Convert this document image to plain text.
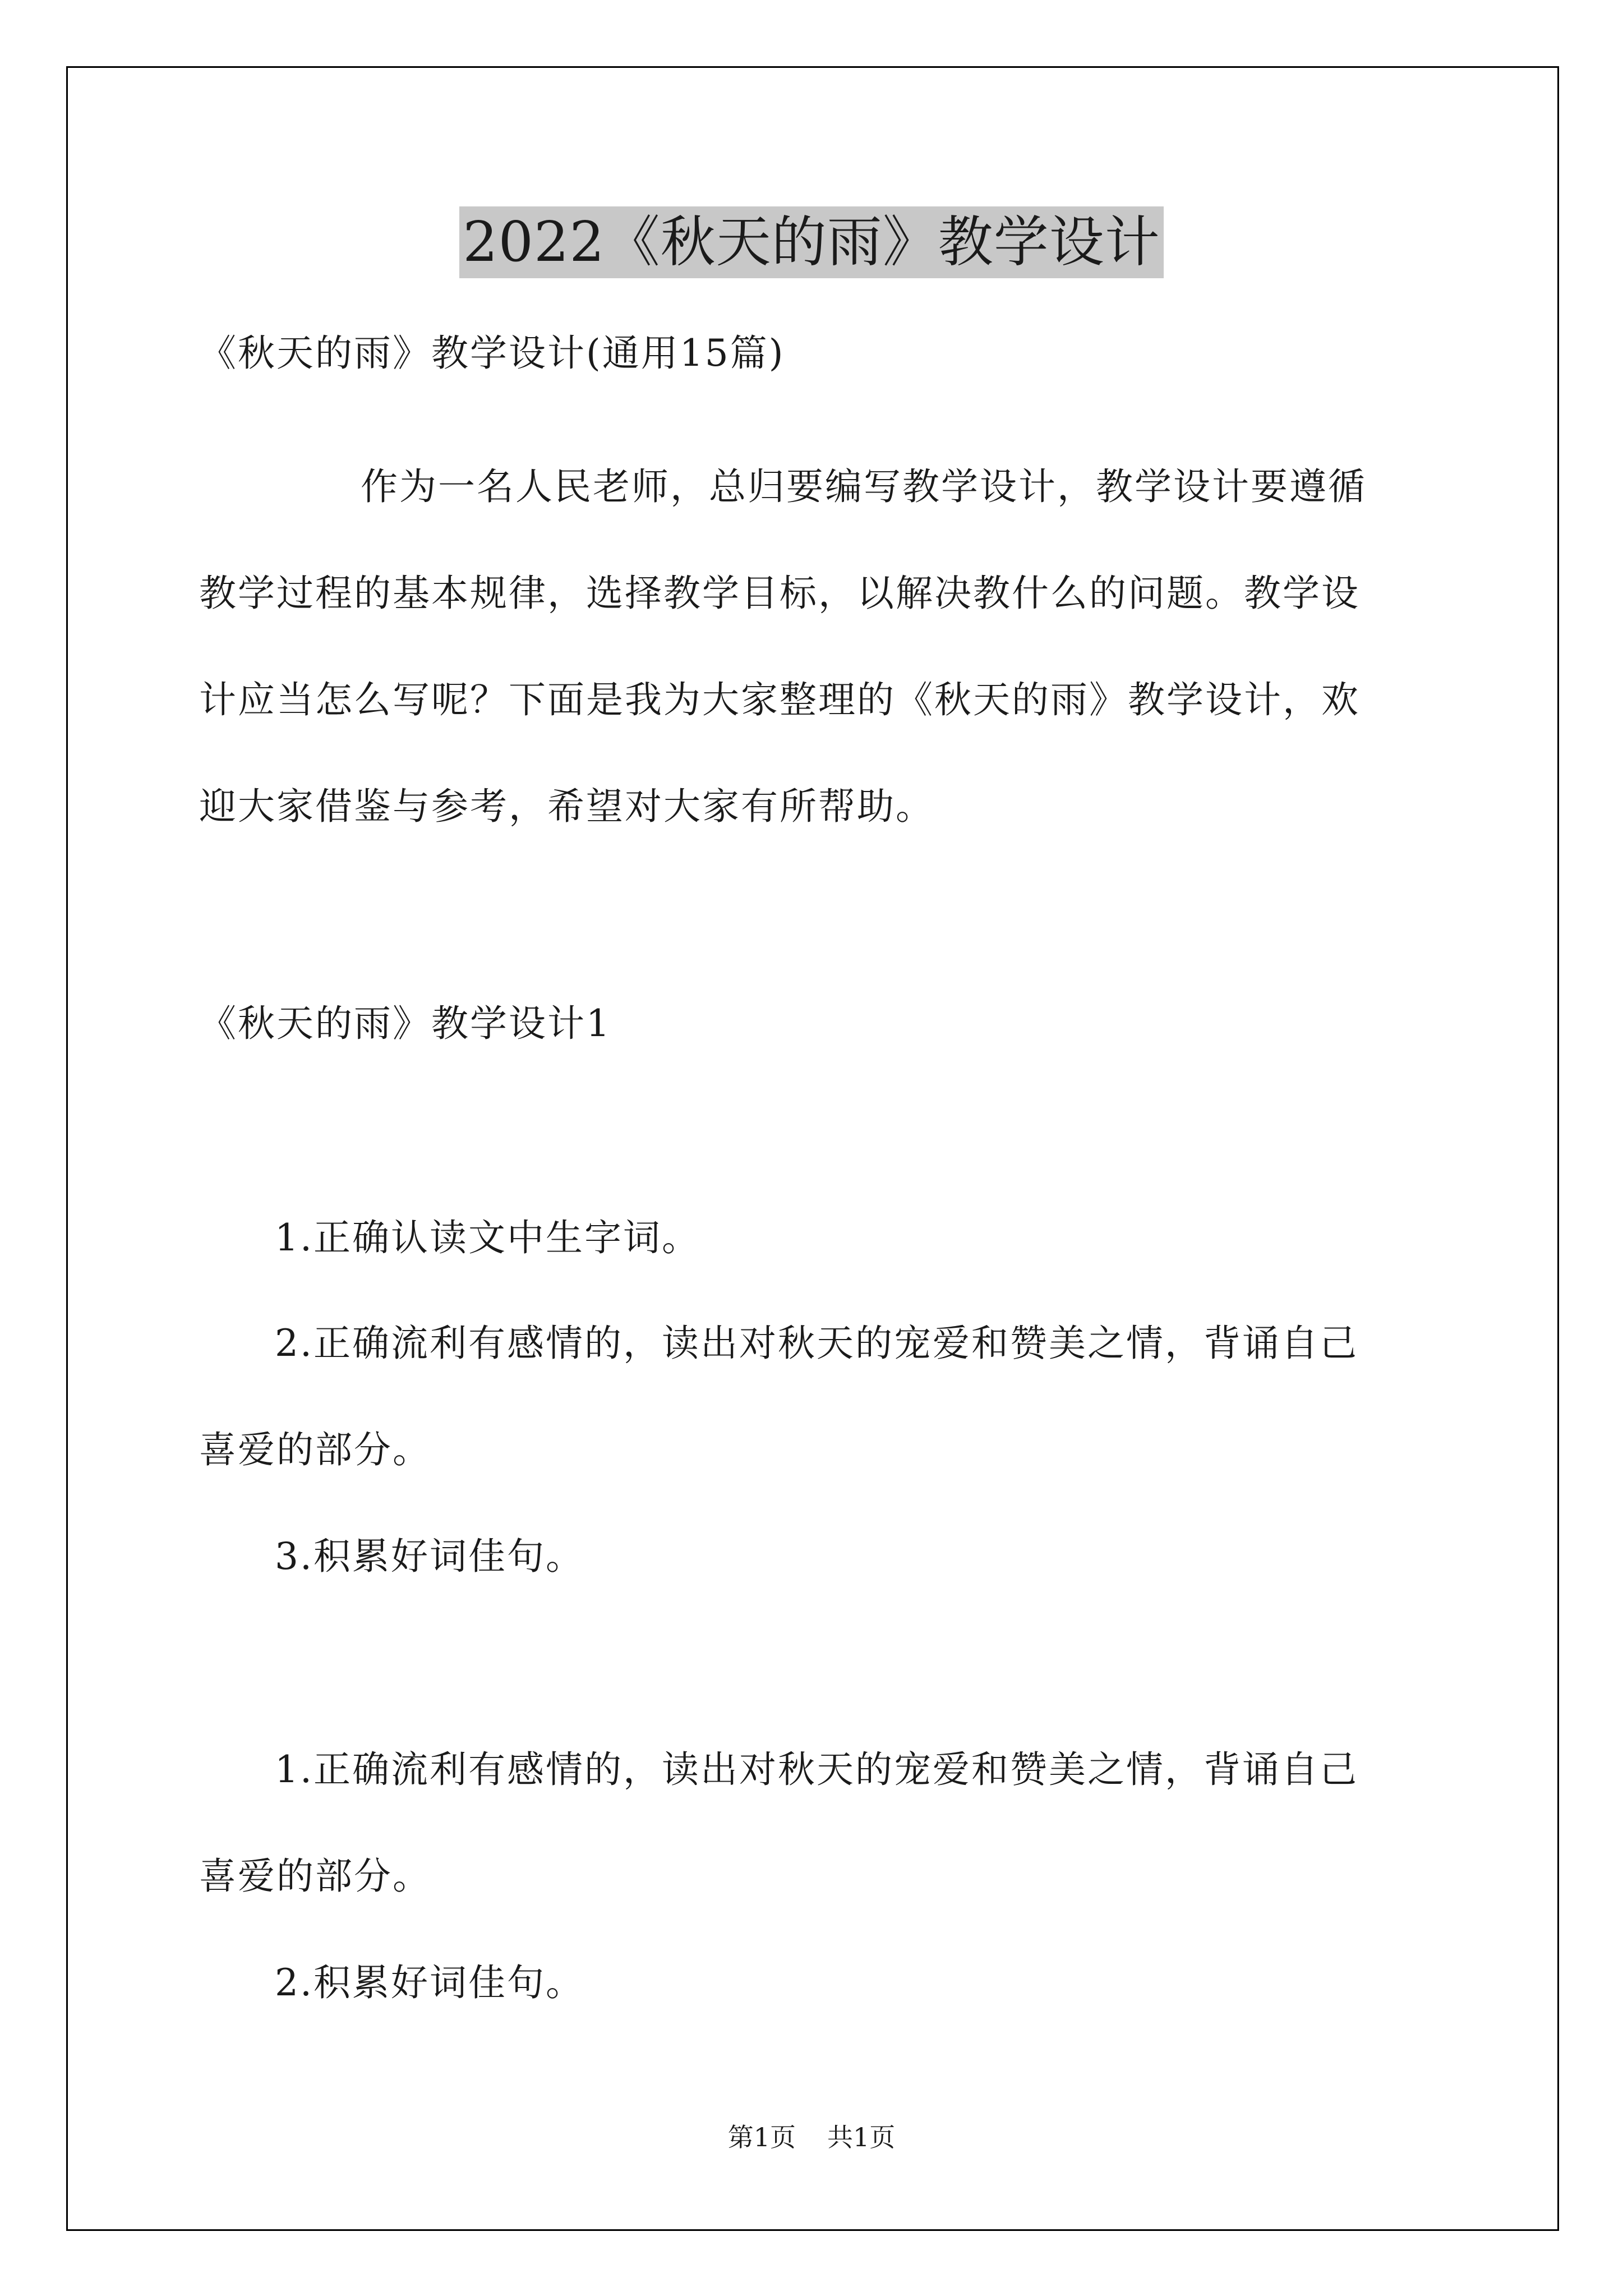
2022《秋天的雨》教学设计
《秋天的雨》教学设计(通用15篇)
作为一名人民老师，总归要编写教学设计，教学设计要遵循
教学过程的基本规律，选择教学目标，以解决教什么的问题。教学设
计应当怎么写呢？下面是我为大家整理的《秋天的雨》教学设计，欢
迎大家借鉴与参考，希望对大家有所帮助。
《秋天的雨》教学设计1
1.正确认读文中生字词。
2.正确流利有感情的，读出对秋天的宠爱和赞美之情，背诵自己
喜爱的部分。
3.积累好词佳句。
1.正确流利有感情的，读出对秋天的宠爱和赞美之情，背诵自己
喜爱的部分。
2.积累好词佳句。
第1页 共1页
